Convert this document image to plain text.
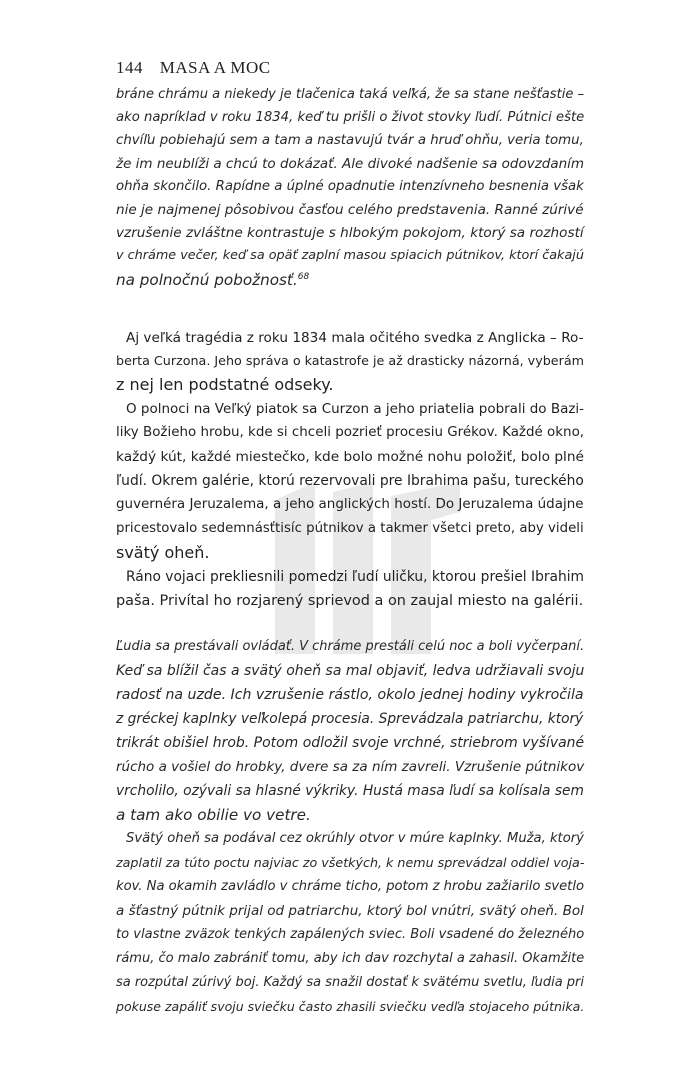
144 MASA A MOC

bráne chrámu a niekedy je tlačenica taká veľká, že sa stane nešťastie –

ako napríklad v roku 1834, keď tu prišli o život stovky ľudí. Pútnici ešte

chvíľu pobiehajú sem a tam a nastavujú tvár a hruď ohňu, veria tomu,

že im neublíži a chcú to dokázať. Ale divoké nadšenie sa odovzdaním

ohňa skončilo. Rapídne a úplné opadnutie intenzívneho besnenia však

nie je najmenej pôsobivou časťou celého predstavenia. Ranné zúrivé

vzrušenie zvláštne kontrastuje s hlbokým pokojom, ktorý sa rozhostí

v chráme večer, keď sa opäť zaplní masou spiacich pútnikov, ktorí čakajú

na polnočnú pobožnosť.$^{68}$

Aj veľká tragédia z roku 1834 mala očitého svedka z Anglicka – Ro-

berta Curzona. Jeho správa o katastrofe je až drasticky názorná, vyberám

z nej len podstatné odseky.

O polnoci na Veľký piatok sa Curzon a jeho priatelia pobrali do Bazi-

liky Božieho hrobu, kde si chceli pozrieť procesiu Grékov. Každé okno,

každý kút, každé miestečko, kde bolo možné nohu položiť, bolo plné

ľudí. Okrem galérie, ktorú rezervovali pre Ibrahima pašu, tureckého

guvernéra Jeruzalema, a jeho anglických hostí. Do Jeruzalema údajne

pricestovalo sedemnásťtisíc pútnikov a takmer všetci preto, aby videli

svätý oheň.

Ráno vojaci prekliesnili pomedzi ľudí uličku, ktorou prešiel Ibrahim

paša. Privítal ho rozjarený sprievod a on zaujal miesto na galérii.

Ľudia sa prestávali ovládať. V chráme prestáli celú noc a boli vyčerpaní.

Keď sa blížil čas a svätý oheň sa mal objaviť, ledva udržiavali svoju

radosť na uzde. Ich vzrušenie rástlo, okolo jednej hodiny vykročila

z gréckej kaplnky veľkolepá procesia. Sprevádzala patriarchu, ktorý

trikrát obišiel hrob. Potom odložil svoje vrchné, striebrom vyšívané

rúcho a vošiel do hrobky, dvere sa za ním zavreli. Vzrušenie pútnikov

vrcholilo, ozývali sa hlasné výkriky. Hustá masa ľudí sa kolísala sem

a tam ako obilie vo vetre.

Svätý oheň sa podával cez okrúhly otvor v múre kaplnky. Muža, ktorý

zaplatil za túto poctu najviac zo všetkých, k nemu sprevádzal oddiel voja-

kov. Na okamih zavládlo v chráme ticho, potom z hrobu zažiarilo svetlo

a šťastný pútnik prijal od patriarchu, ktorý bol vnútri, svätý oheň. Bol

to vlastne zväzok tenkých zapálených sviec. Boli vsadené do železného

rámu, čo malo zabrániť tomu, aby ich dav rozchytal a zahasil. Okamžite

sa rozpútal zúrivý boj. Každý sa snažil dostať k svätému svetlu, ľudia pri

pokuse zapáliť svoju sviečku často zhasili sviečku vedľa stojaceho pútnika.
